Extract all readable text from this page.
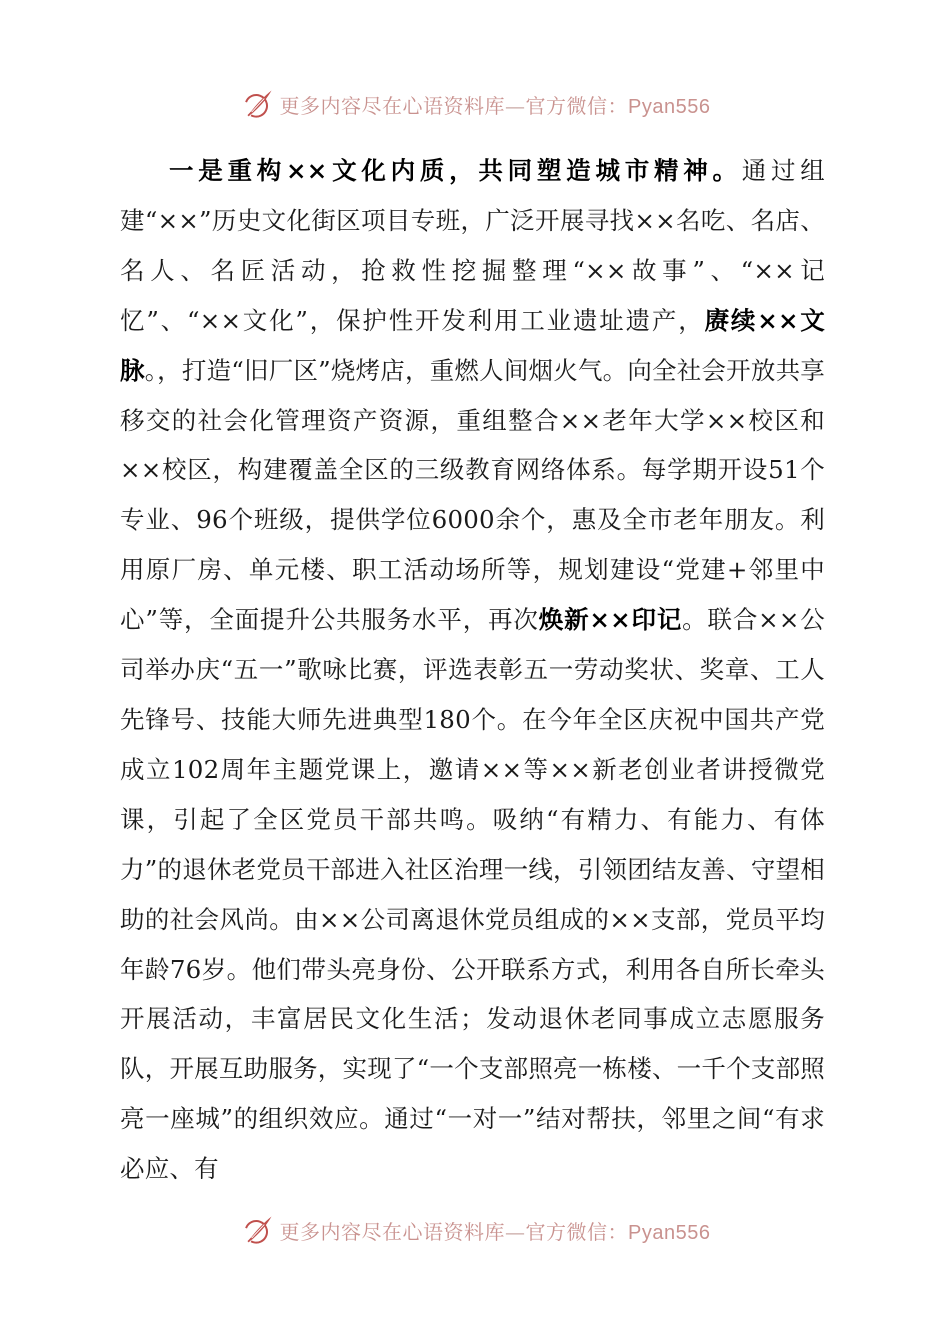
更多内容尽在心语资料库—官方微信：Pyan556
一是重构××文化内质，共同塑造城市精神。通过组建“××”历史文化街区项目专班，广泛开展寻找××名吃、名店、名人、名匠活动，抢救性挖掘整理“××故事”、“××记忆”、“××文化”，保护性开发利用工业遗址遗产，赓续××文脉。，打造“旧厂区”烧烤店，重燃人间烟火气。向全社会开放共享移交的社会化管理资产资源，重组整合××老年大学××校区和××校区，构建覆盖全区的三级教育网络体系。每学期开设51个专业、96个班级，提供学位6000余个，惠及全市老年朋友。利用原厂房、单元楼、职工活动场所等，规划建设“党建+邻里中心”等，全面提升公共服务水平，再次焕新××印记。联合××公司举办庆“五一”歌咏比赛，评选表彰五一劳动奖状、奖章、工人先锋号、技能大师先进典型180个。在今年全区庆祝中国共产党成立102周年主题党课上，邀请××等××新老创业者讲授微党课，引起了全区党员干部共鸣。吸纳“有精力、有能力、有体力”的退休老党员干部进入社区治理一线，引领团结友善、守望相助的社会风尚。由××公司离退休党员组成的××支部，党员平均年龄76岁。他们带头亮身份、公开联系方式，利用各自所长牵头开展活动，丰富居民文化生活；发动退休老同事成立志愿服务队，开展互助服务，实现了“一个支部照亮一栋楼、一千个支部照亮一座城”的组织效应。通过“一对一”结对帮扶，邻里之间“有求必应、有
更多内容尽在心语资料库—官方微信：Pyan556
